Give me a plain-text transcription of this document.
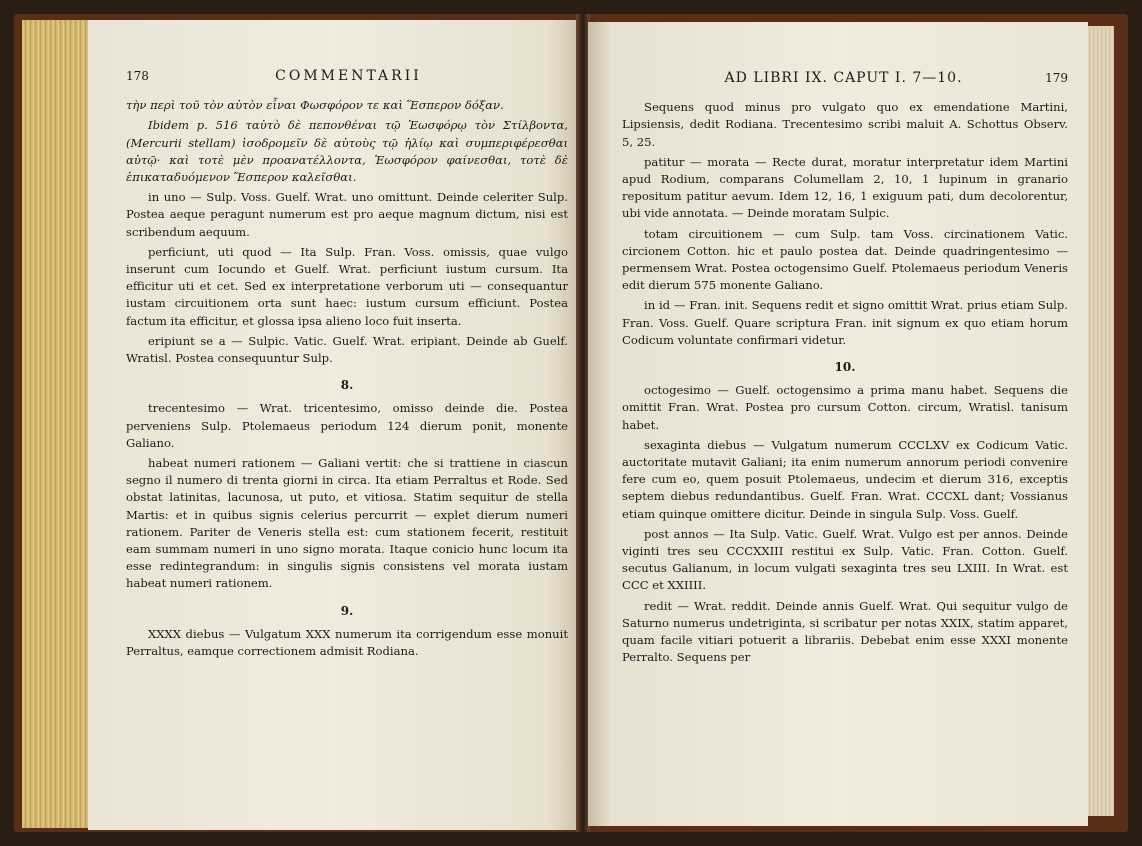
178	COMMENTARII

τὴν περὶ τοῦ τὸν αὐτὸν εἶναι Φωσφόρον τε καὶ Ἕσπερον δόξαν.

Ibidem p. 516 ταὐτὸ δὲ πεπονθέναι τῷ Ἑωσφόρῳ τὸν Στίλβοντα, (Mercurii stellam) ἰσοδρομεῖν δὲ αὐτοὺς τῷ ἡλίῳ καὶ συμπεριφέρεσθαι αὐτῷ· καὶ τοτὲ μὲν προανατέλλοντα, Ἑωσφόρον φαίνεσθαι, τοτὲ δὲ ἐπικαταδυόμενον Ἕσπερον καλεῖσθαι.

in uno — Sulp. Voss. Guelf. Wrat. uno omittunt. Deinde celeriter Sulp. Postea aeque peragunt numerum est pro aeque magnum dictum, nisi est scribendum aequum.

perficiunt, uti quod — Ita Sulp. Fran. Voss. omissis, quae vulgo inserunt cum Iocundo et Guelf. Wrat. perficiunt iustum cursum. Ita efficitur uti et cet. Sed ex interpretatione verborum uti — consequantur iustam circuitionem orta sunt haec: iustum cursum efficiunt. Postea factum ita efficitur, et glossa ipsa alieno loco fuit inserta.

eripiunt se a — Sulpic. Vatic. Guelf. Wrat. eripiant. Deinde ab Guelf. Wratisl. Postea consequuntur Sulp.

8.

trecentesimo — Wrat. tricentesimo, omisso deinde die. Postea perveniens Sulp. Ptolemaeus periodum 124 dierum ponit, monente Galiano.

habeat numeri rationem — Galiani vertit: che si trattiene in ciascun segno il numero di trenta giorni in circa. Ita etiam Perraltus et Rode. Sed obstat latinitas, lacunosa, ut puto, et vitiosa. Statim sequitur de stella Martis: et in quibus signis celerius percurrit — explet dierum numeri rationem. Pariter de Veneris stella est: cum stationem fecerit, restituit eam summam numeri in uno signo morata. Itaque conicio hunc locum ita esse redintegrandum: in singulis signis consistens vel morata iustam habeat numeri rationem.

9.

XXXX diebus — Vulgatum XXX numerum ita corrigendum esse monuit Perraltus, eamque correctionem admisit Rodiana.

AD LIBRI IX. CAPUT I. 7—10.	179

Sequens quod minus pro vulgato quo ex emendatione Martini, Lipsiensis, dedit Rodiana. Trecentesimo scribi maluit A. Schottus Observ. 5, 25.

patitur — morata — Recte durat, moratur interpretatur idem Martini apud Rodium, comparans Columellam 2, 10, 1 lupinum in granario repositum patitur aevum. Idem 12, 16, 1 exiguum pati, dum decolorentur, ubi vide annotata. — Deinde moratam Sulpic.

totam circuitionem — cum Sulp. tam Voss. circinationem Vatic. circionem Cotton. hic et paulo postea dat. Deinde quadringentesimo — permensem Wrat. Postea octogensimo Guelf. Ptolemaeus periodum Veneris edit dierum 575 monente Galiano.

in id — Fran. init. Sequens redit et signo omittit Wrat. prius etiam Sulp. Fran. Voss. Guelf. Quare scriptura Fran. init signum ex quo etiam horum Codicum voluntate confirmari videtur.

10.

octogesimo — Guelf. octogensimo a prima manu habet. Sequens die omittit Fran. Wrat. Postea pro cursum Cotton. circum, Wratisl. tanisum habet.

sexaginta diebus — Vulgatum numerum CCCLXV ex Codicum Vatic. auctoritate mutavit Galiani; ita enim numerum annorum periodi convenire fere cum eo, quem posuit Ptolemaeus, undecim et dierum 316, exceptis septem diebus redundantibus. Guelf. Fran. Wrat. CCCXL dant; Vossianus etiam quinque omittere dicitur. Deinde in singula Sulp. Voss. Guelf.

post annos — Ita Sulp. Vatic. Guelf. Wrat. Vulgo est per annos. Deinde viginti tres seu CCCXXIII restitui ex Sulp. Vatic. Fran. Cotton. Guelf. secutus Galianum, in locum vulgati sexaginta tres seu LXIII. In Wrat. est CCC et XXIIII.

redit — Wrat. reddit. Deinde annis Guelf. Wrat. Qui sequitur vulgo de Saturno numerus undetriginta, si scribatur per notas XXIX, statim apparet, quam facile vitiari potuerit a librariis. Debebat enim esse XXXI monente Perralto. Sequens per
